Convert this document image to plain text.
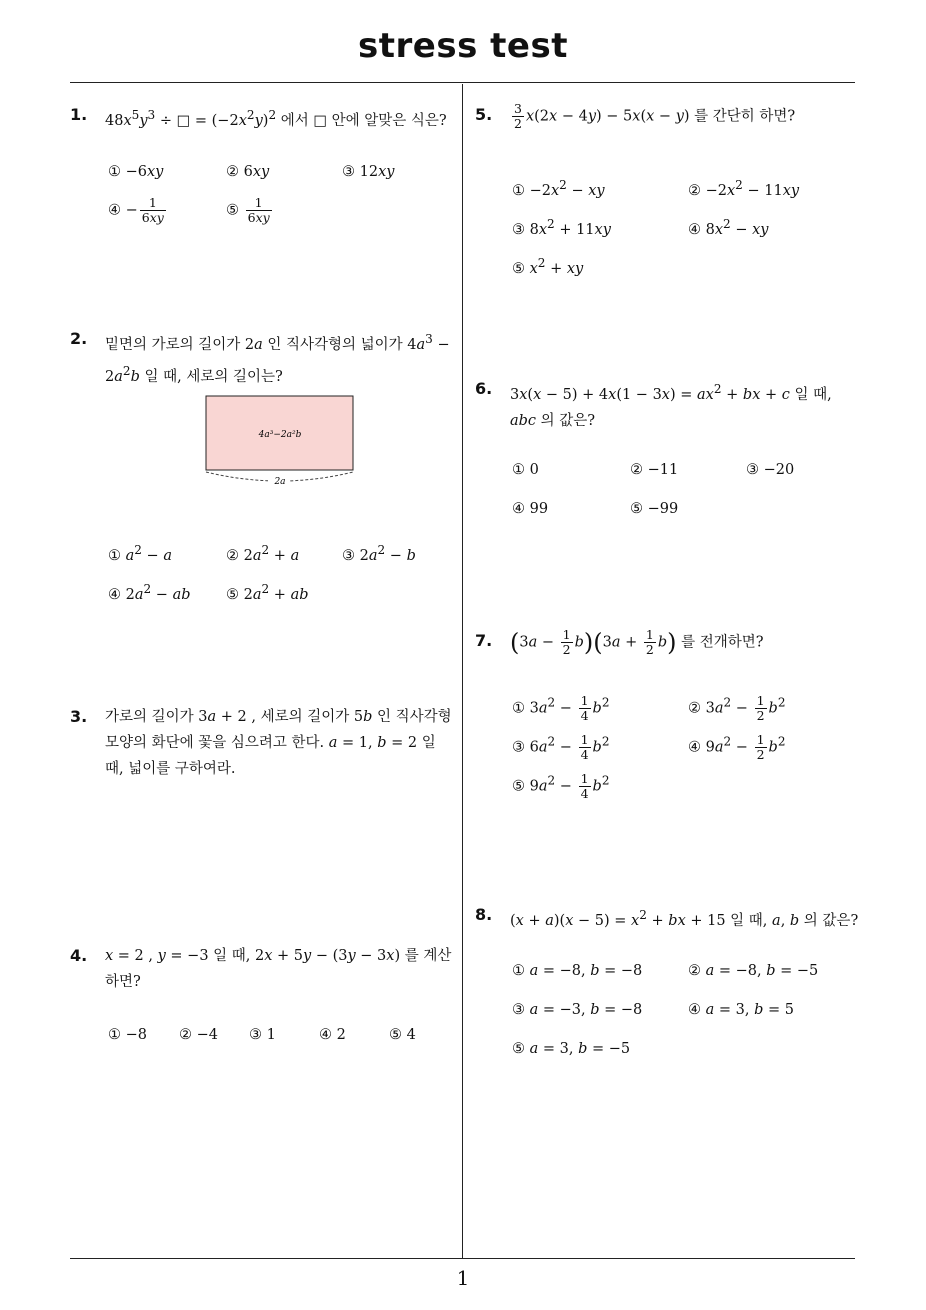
stress test
1
1. $48x^5y^3$ ÷ □ = $(-2x^2y)^2$ 에서 □ 안에 알맞은 식은?
① −6xy	② 6xy	③ 12xy
④ − $\frac{1}{6xy}$	⑤ $\frac{1}{6xy}$
2. 밑면의 가로의 길이가 2a 인 직사각형의 넓이가 $4a^3 - 2a^2b$ 일 때, 세로의 길이는?
4a³−2a²b
2a
① $a^2 - a$	② $2a^2 + a$	③ $2a^2 - b$
④ $2a^2$ − ab ⑤ $2a^2$ + ab
3. 가로의 길이가 3a + 2 , 세로의 길이가 5b 인 직사각형 모양의 화단에 꽃을 심으려고 한다. a = 1, b = 2 일 때, 넓이를 구하여라.
4. x = 2 , y = −3 일 때, 2x + 5y − (3y − 3x) 를 계산하면?
① −8 ② −4 ③ 1	④ 2	⑤ 4
5. $\frac{3}{2} x(2x - 4y) - 5x(x - y)$ 를 간단히 하면?
① $-2x^2$ − xy	② $-2x^2 - 11xy$
③ $8x^2 + 11xy$	④ $8x^2$ − xy
⑤ $x^2$ + xy
6. $3x(x - 5) + 4x(1 - 3x) = ax^2$ + bx + c 일 때, abc 의 값은?
① 0	② −11	③ −20
④ 99	⑤ −99
7. $(3a - \frac{1}{2} b)(3a + \frac{1}{2} b)$ 를 전개하면?
① $3a^2 - \frac{1}{4} b^2$	② $3a^2 - \frac{1}{2} b^2$
③ $6a^2 - \frac{1}{4} b^2$	④ $9a^2 - \frac{1}{2} b^2$
⑤ $9a^2 - \frac{1}{4} b^2$
8. $(x + a)(x - 5) = x^2$ + bx + 15 일 때, a, b 의 값은?
① a = −8, b = −8	② a = −8, b = −5
③ a = −3, b = −8	④ a = 3, b = 5
⑤ a = 3, b = −5
